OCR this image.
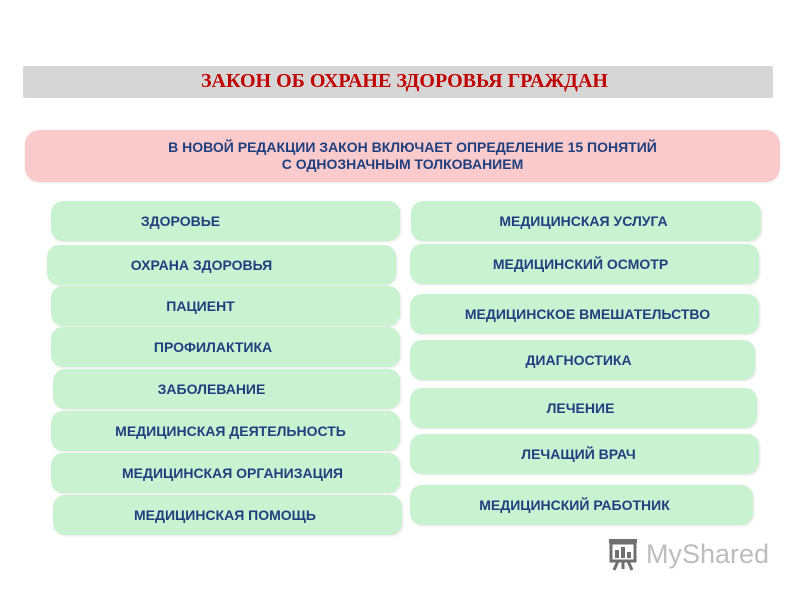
ЗАКОН ОБ ОХРАНЕ ЗДОРОВЬЯ ГРАЖДАН
В НОВОЙ РЕДАКЦИИ ЗАКОН ВКЛЮЧАЕТ ОПРЕДЕЛЕНИЕ 15 ПОНЯТИЙ
С ОДНОЗНАЧНЫМ ТОЛКОВАНИЕМ
ЗДОРОВЬЕ
ОХРАНА ЗДОРОВЬЯ
ПАЦИЕНТ
ПРОФИЛАКТИКА
ЗАБОЛЕВАНИЕ
МЕДИЦИНСКАЯ ДЕЯТЕЛЬНОСТЬ
МЕДИЦИНСКАЯ ОРГАНИЗАЦИЯ
МЕДИЦИНСКАЯ ПОМОЩЬ
МЕДИЦИНСКАЯ УСЛУГА
МЕДИЦИНСКИЙ ОСМОТР
МЕДИЦИНСКОЕ ВМЕШАТЕЛЬСТВО
ДИАГНОСТИКА
ЛЕЧЕНИЕ
ЛЕЧАЩИЙ ВРАЧ
МЕДИЦИНСКИЙ РАБОТНИК
MyShared
